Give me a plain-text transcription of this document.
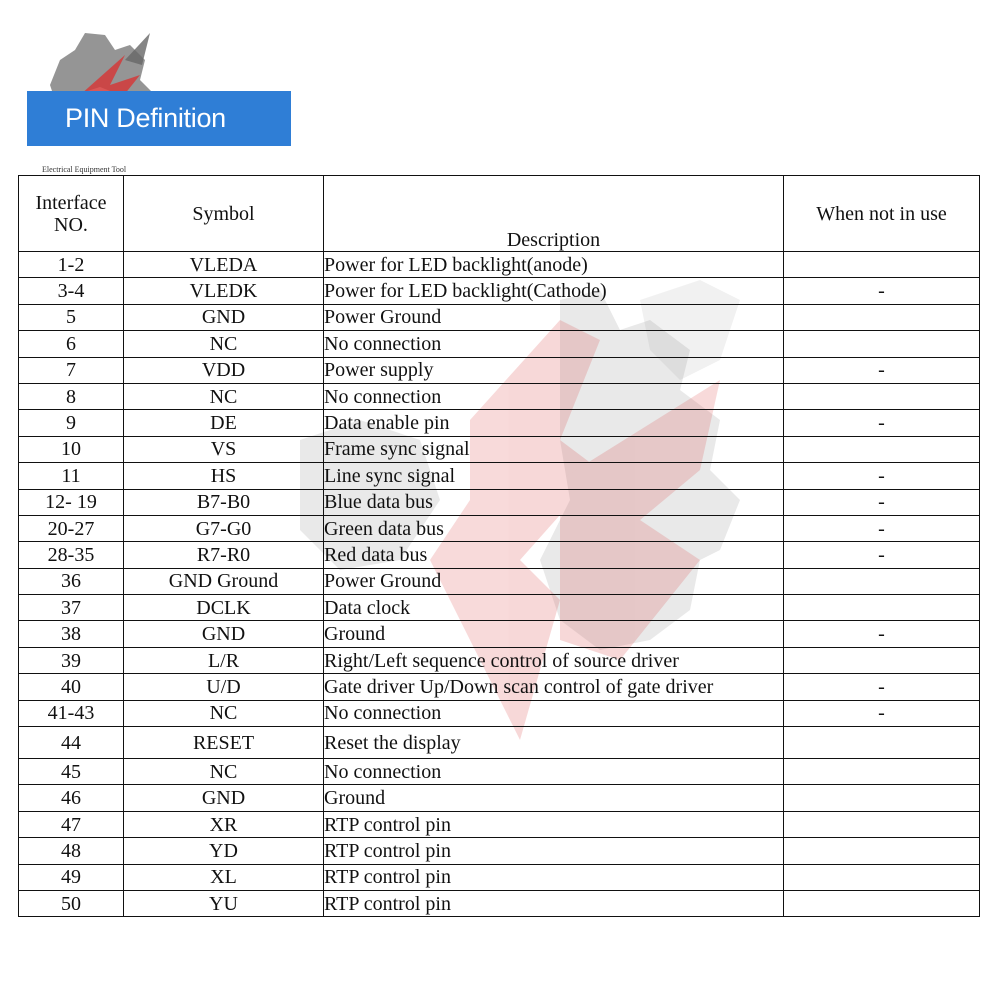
PIN Definition
Electrical Equipment Tool
Interface NO.	Symbol	Description	When not in use
1-2	VLEDA	Power for LED backlight(anode)	
3-4	VLEDK	Power for LED backlight(Cathode)	-
5	GND	Power Ground	
6	NC	No connection	
7	VDD	Power supply	-
8	NC	No connection	
9	DE	Data enable pin	-
10	VS	Frame sync signal	
11	HS	Line sync signal	-
12- 19	B7-B0	Blue data bus	-
20-27	G7-G0	Green data bus	-
28-35	R7-R0	Red data bus	-
36	GND Ground	Power Ground	
37	DCLK	Data clock	
38	GND	Ground	-
39	L/R	Right/Left sequence control of source driver	
40	U/D	Gate driver Up/Down scan control of gate driver	-
41-43	NC	No connection	-
44	RESET	Reset the display	
45	NC	No connection	
46	GND	Ground	
47	XR	RTP control pin	
48	YD	RTP control pin	
49	XL	RTP control pin	
50	YU	RTP control pin	
